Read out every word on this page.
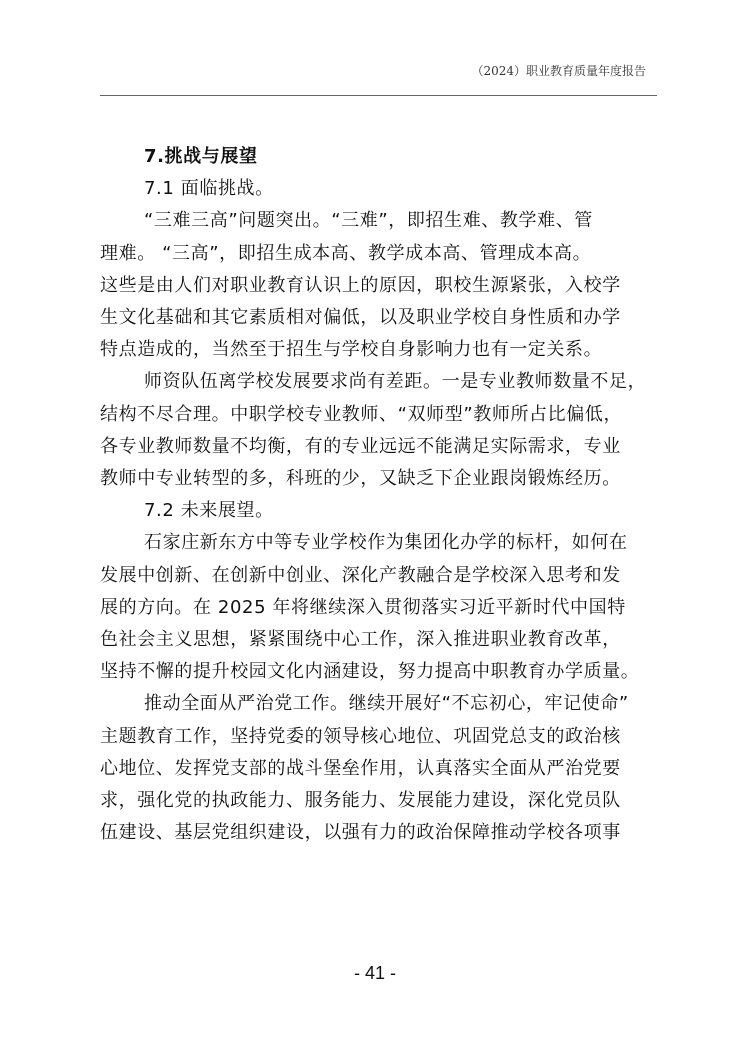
（2024）职业教育质量年度报告
7.挑战与展望
7.1 面临挑战。
“三难三高”问题突出。“三难”，即招生难、教学难、管
理难。 “三高”，即招生成本高、教学成本高、管理成本高。
这些是由人们对职业教育认识上的原因，职校生源紧张，入校学
生文化基础和其它素质相对偏低，以及职业学校自身性质和办学
特点造成的，当然至于招生与学校自身影响力也有一定关系。
师资队伍离学校发展要求尚有差距。一是专业教师数量不足，
结构不尽合理。中职学校专业教师、“双师型”教师所占比偏低，
各专业教师数量不均衡，有的专业远远不能满足实际需求，专业
教师中专业转型的多，科班的少，又缺乏下企业跟岗锻炼经历。
7.2 未来展望。
石家庄新东方中等专业学校作为集团化办学的标杆，如何在
发展中创新、在创新中创业、深化产教融合是学校深入思考和发
展的方向。在 2025 年将继续深入贯彻落实习近平新时代中国特
色社会主义思想，紧紧围绕中心工作，深入推进职业教育改革，
坚持不懈的提升校园文化内涵建设，努力提高中职教育办学质量。
推动全面从严治党工作。继续开展好“不忘初心，牢记使命”
主题教育工作，坚持党委的领导核心地位、巩固党总支的政治核
心地位、发挥党支部的战斗堡垒作用，认真落实全面从严治党要
求，强化党的执政能力、服务能力、发展能力建设，深化党员队
伍建设、基层党组织建设，以强有力的政治保障推动学校各项事
- 41 -
